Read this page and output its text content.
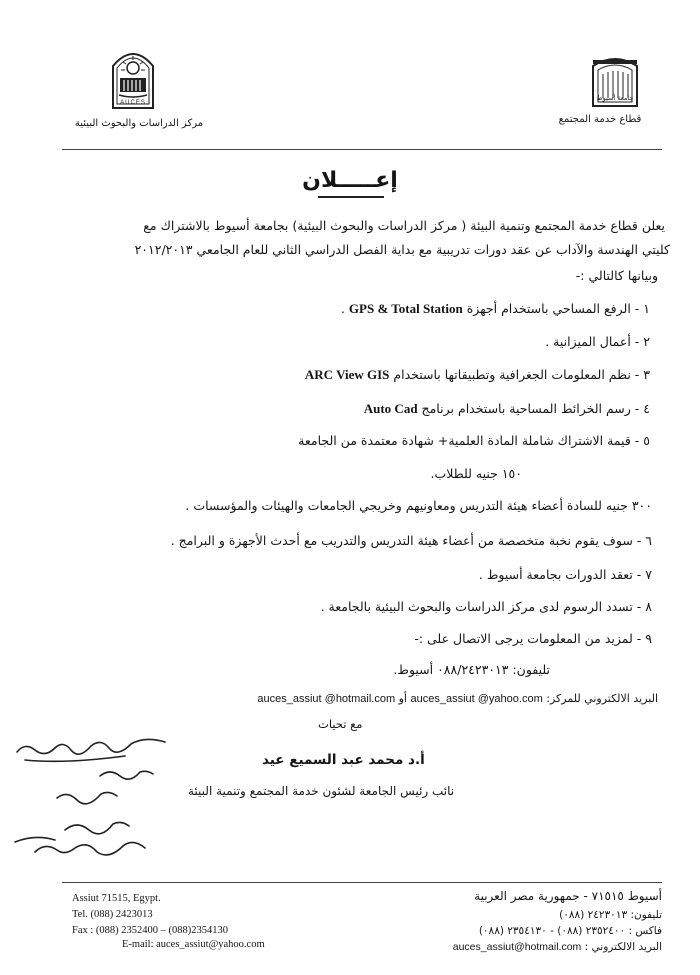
AUCES
مركز الدراسات والبحوث البيئية
جامعة أسيوط
قطاع خدمة المجتمع
إعـــــلان
يعلن قطاع خدمة المجتمع وتنمية البيئة ( مركز الدراسات والبحوث البيئية) بجامعة أسيوط بالاشتراك مع
كليتي الهندسة والآداب عن عقد دورات تدريبية مع بداية الفصل الدراسي الثاني للعام الجامعي ٢٠١٢/٢٠١٣
وبيانها كالتالي :-
١ - الرفع المساحي باستخدام أجهزة GPS & Total Station .
٢ - أعمال الميزانية .
٣ - نظم المعلومات الجغرافية وتطبيقاتها باستخدام ARC View GIS
٤ - رسم الخرائط المساحية باستخدام برنامج Auto Cad
٥ - قيمة الاشتراك شاملة المادة العلمية+ شهادة معتمدة من الجامعة
١٥٠ جنيه للطلاب.
٣٠٠ جنيه للسادة أعضاء هيئة التدريس ومعاونيهم وخريجي الجامعات والهيئات والمؤسسات .
٦ - سوف يقوم نخبة متخصصة من أعضاء هيئة التدريس والتدريب مع أحدث الأجهزة و البرامج .
٧ - تعقد الدورات بجامعة أسيوط .
٨ - تسدد الرسوم لدى مركز الدراسات والبحوث البيئية بالجامعة .
٩ - لمزيد من المعلومات يرجى الاتصال على :-
تليفون: ٠٨٨/٢٤٢٣٠١٣ أسيوط.
البريد الالكتروني للمركز: auces_assiut @yahoo.com أو auces_assiut @hotmail.com
مع تحيات
أ.د محمد عبد السميع عيد
نائب رئيس الجامعة لشئون خدمة المجتمع وتنمية البيئة
Assiut 71515, Egypt.
Tel. (088) 2423013
Fax : (088) 2352400 – (088)2354130
E-mail: auces_assiut@yahoo.com
أسيوط ٧١٥١٥ - جمهورية مصر العربية
تليفون: ٢٤٢٣٠١٣ (٠٨٨)
فاكس : ٢٣٥٢٤٠٠ (٠٨٨) - ٢٣٥٤١٣٠ (٠٨٨)
البريد الالكتروني : auces_assiut@hotmail.com
